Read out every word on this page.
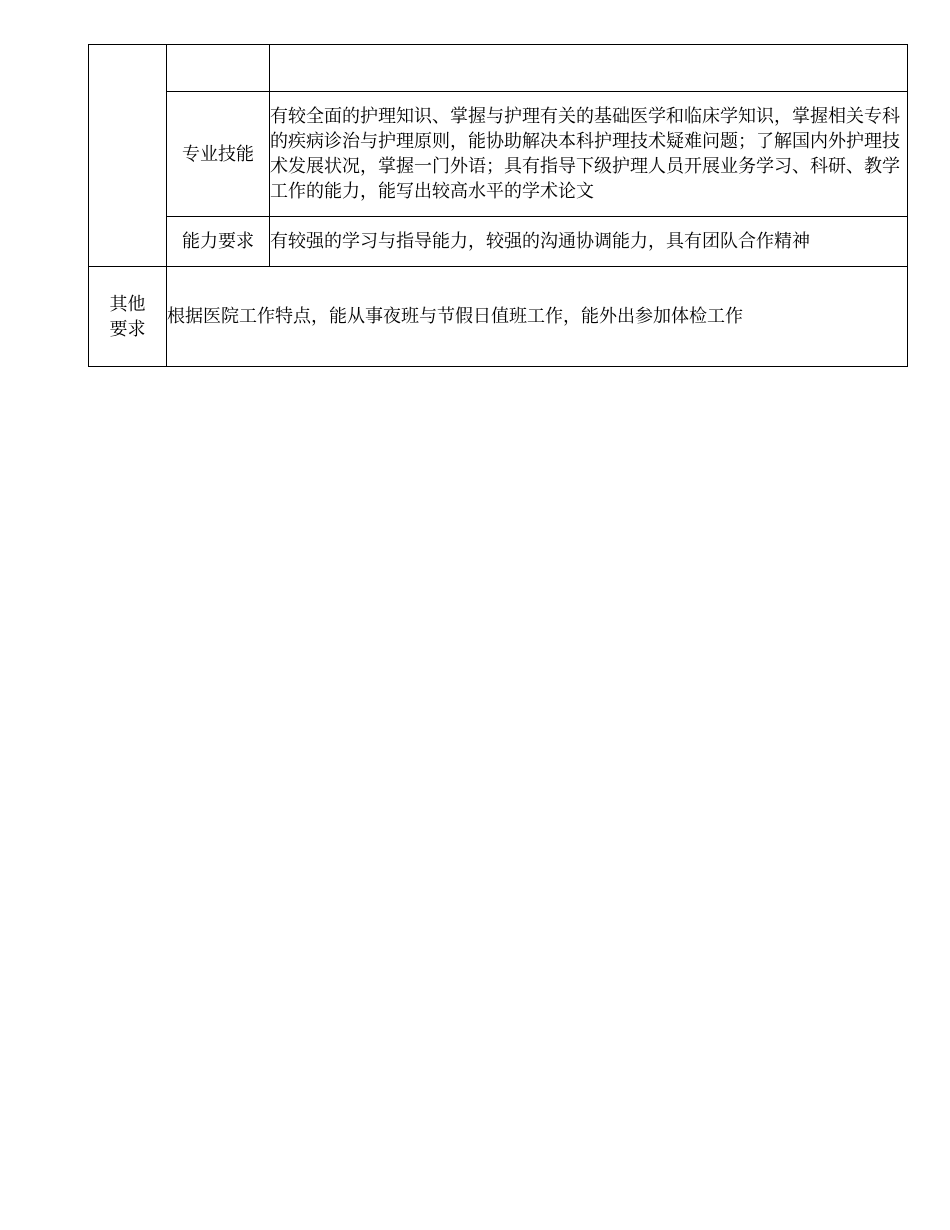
	专业技能	有较全面的护理知识、掌握与护理有关的基础医学和临床学知识，掌握相关专科的疾病诊治与护理原则，能协助解决本科护理技术疑难问题；了解国内外护理技术发展状况，掌握一门外语；具有指导下级护理人员开展业务学习、科研、教学工作的能力，能写出较高水平的学术论文
	能力要求	有较强的学习与指导能力，较强的沟通协调能力，具有团队合作精神
其他要求	根据医院工作特点，能从事夜班与节假日值班工作，能外出参加体检工作	
